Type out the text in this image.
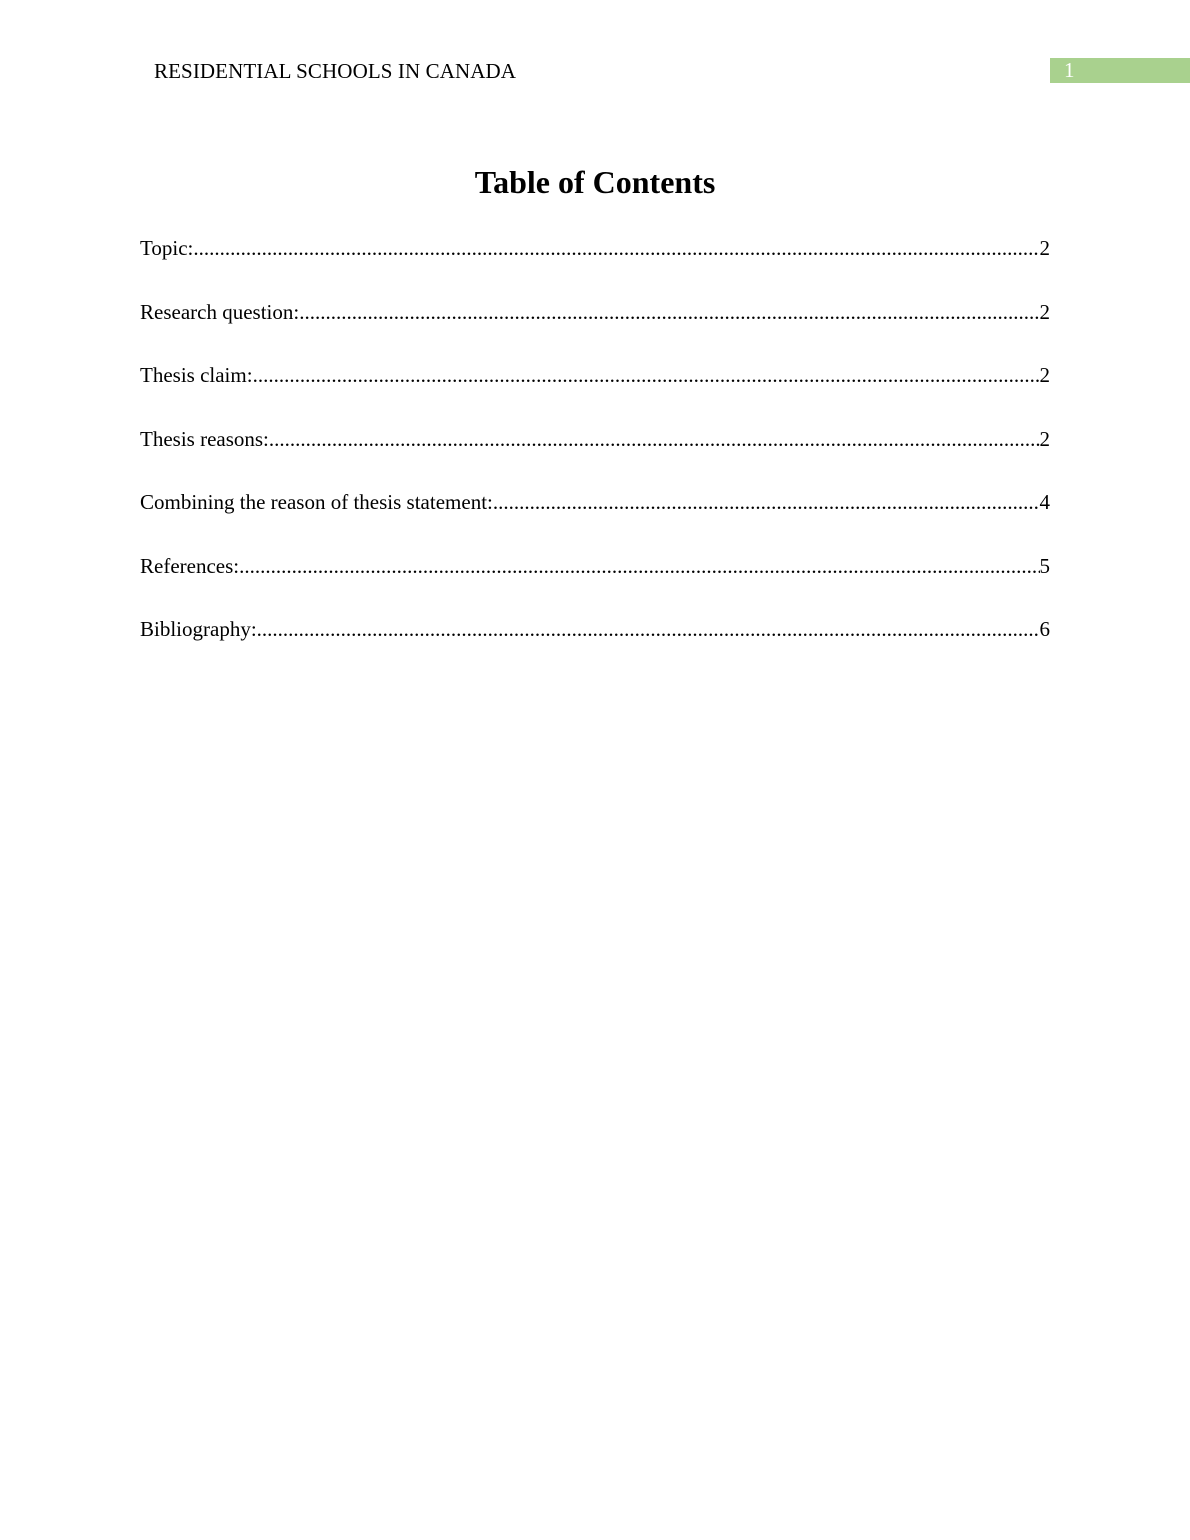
RESIDENTIAL SCHOOLS IN CANADA	1
Table of Contents
Topic: .....	2
Research question: .....	2
Thesis claim: .....	2
Thesis reasons: .....	2
Combining the reason of thesis statement: .....	4
References: .....	5
Bibliography: .....	6
